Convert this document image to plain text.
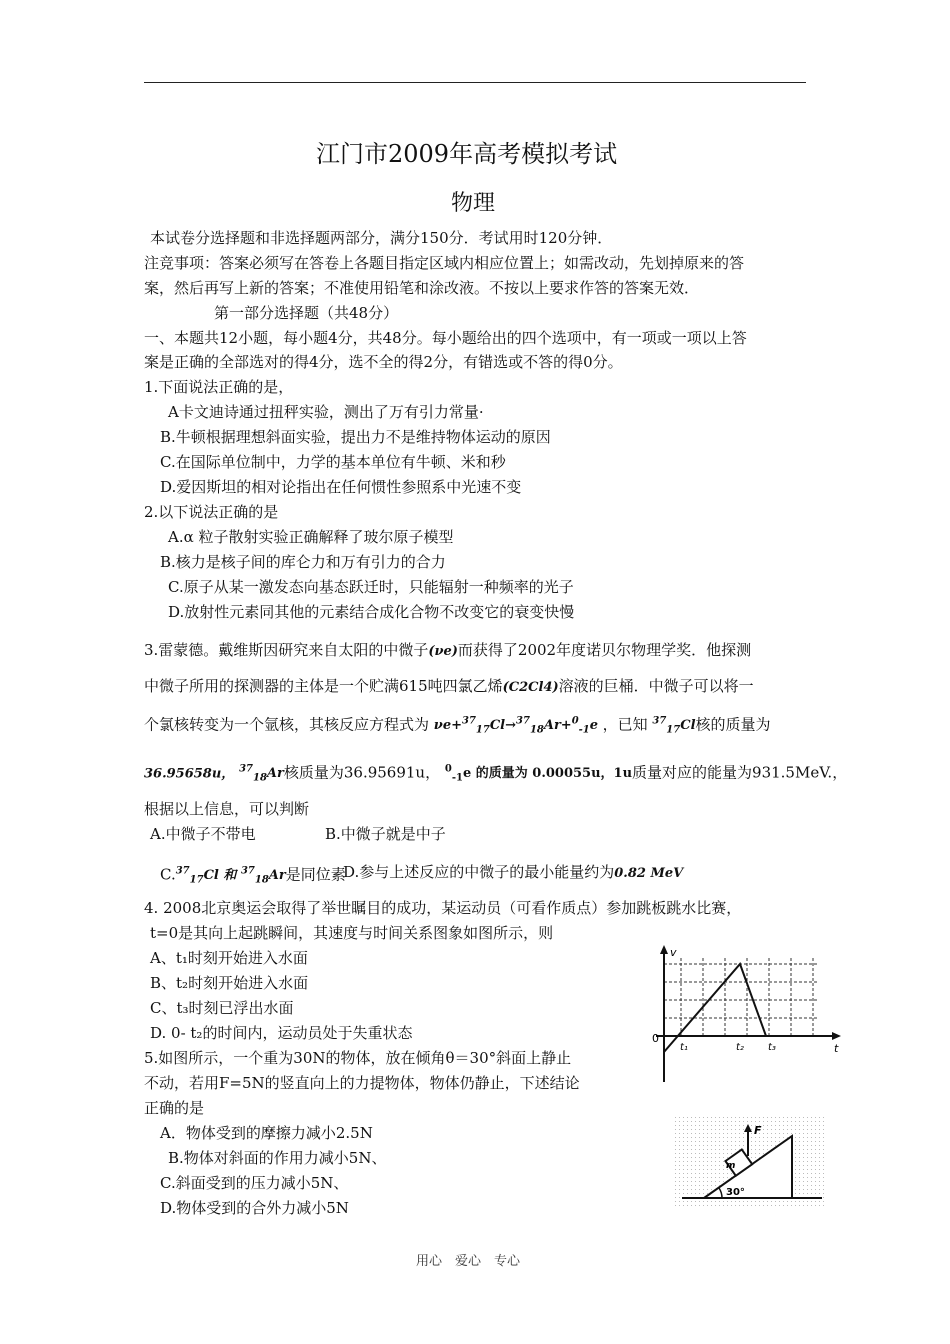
江门市2009年高考模拟考试
物理
本试卷分选择题和非选择题两部分，满分150分．考试用时120分钟．
注竞事项：答案必须写在答卷上各题目指定区域内相应位置上；如需改动，先划掉原来的答
案，然后再写上新的答案；不准使用铅笔和涂改液。不按以上要求作答的答案无效．
第一部分选择题（共48分）
一、本题共12小题，每小题4分，共48分。每小题给出的四个选项中，有一项或一项以上答
案是正确的全部选对的得4分，选不全的得2分，有错选或不答的得0分。
1.下面说法正确的是，
A卡文迪诗通过扭秤实验，测出了万有引力常量·
B.牛顿根据理想斜面实验，提出力不是维持物体运动的原因
C.在国际单位制中，力学的基本单位有牛顿、米和秒
D.爱因斯坦的相对论指出在任何惯性参照系中光速不变
2.以下说法正确的是
A.α 粒子散射实验正确解释了玻尔原子模型
B.核力是核子间的库仑力和万有引力的合力
C.原子从某一激发态向基态跃迁时，只能辐射一种频率的光子
D.放射性元素同其他的元素结合成化合物不改变它的衰变快慢
3.雷蒙德。戴维斯因研究来自太阳的中微子(νe)而获得了2002年度诺贝尔物理学奖．他探测
中微子所用的探测器的主体是一个贮满615吨四氯乙烯(C2Cl4)溶液的巨桶．中微子可以将一
个氯核转变为一个氩核，其核反应方程式为 νe+$^{37}_{17}$Cl→$^{37}_{18}$Ar+$^0_{-1}$e ，已知 $^{37}_{17}$Cl核的质量为
36.95658u， $^{37}_{18}$Ar核质量为36.95691u， $^0_{-1}$e 的质量为 0.00055u，1u质量对应的能量为931.5MeV.，
根据以上信息，可以判断
A.中微子不带电	B.中微子就是中子
C.$^{37}_{17}$Cl 和 $^{37}_{18}$Ar是同位素
D.参与上述反应的中微子的最小能量约为0.82 MeV
4. 2008北京奥运会取得了举世瞩目的成功，某运动员（可看作质点）参加跳板跳水比赛，
t=0是其向上起跳瞬间，其速度与时间关系图象如图所示，则
A、t₁时刻开始进入水面
B、t₂时刻开始进入水面
C、t₃时刻已浮出水面
D. 0- t₂的时间内，运动员处于失重状态
v
t
0
t₁	t₂ t₃
5.如图所示，一个重为30N的物体，放在倾角θ＝30°斜面上静止
不动，若用F=5N的竖直向上的力提物体，物体仍静止，下述结论
正确的是
A．物体受到的摩擦力减小2.5N
B.物体对斜面的作用力减小5N、
C.斜面受到的压力减小5N、
D.物体受到的合外力减小5N
F
m
30°
用心　爱心　专心
